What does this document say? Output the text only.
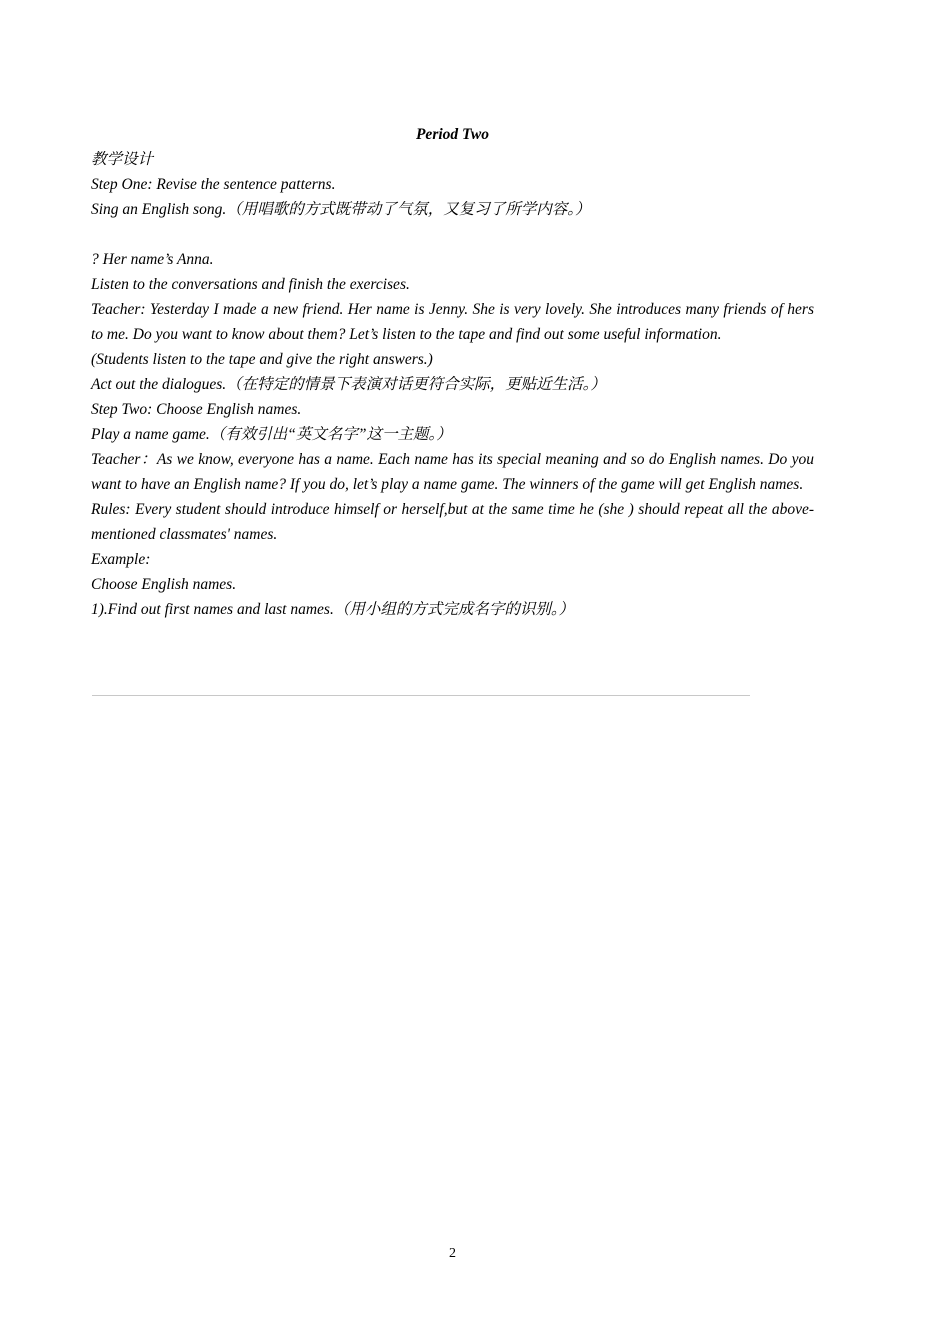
Period Two

教学设计

Step One: Revise the sentence patterns.

Sing an English song.（用唱歌的方式既带动了气氛，又复习了所学内容。）

? Her name’s Anna.

Listen to the conversations and finish the exercises.

Teacher: Yesterday I made a new friend. Her name is Jenny. She is very lovely. She introduces many friends of hers to me. Do you want to know about them? Let’s listen to the tape and find out some useful information.

(Students listen to the tape and give the right answers.)

Act out the dialogues.（在特定的情景下表演对话更符合实际，更贴近生活。）

Step Two: Choose English names.

Play a name game.（有效引出“英文名字”这一主题。）

Teacher：As we know, everyone has a name. Each name has its special meaning and so do English names. Do you want to have an English name? If you do, let’s play a name game. The winners of the game will get English names.

Rules: Every student should introduce himself or herself,but at the same time he (she ) should repeat all the above-mentioned classmates' names.

Example:

Choose English names.

1).Find out first names and last names.（用小组的方式完成名字的识别。）

2
